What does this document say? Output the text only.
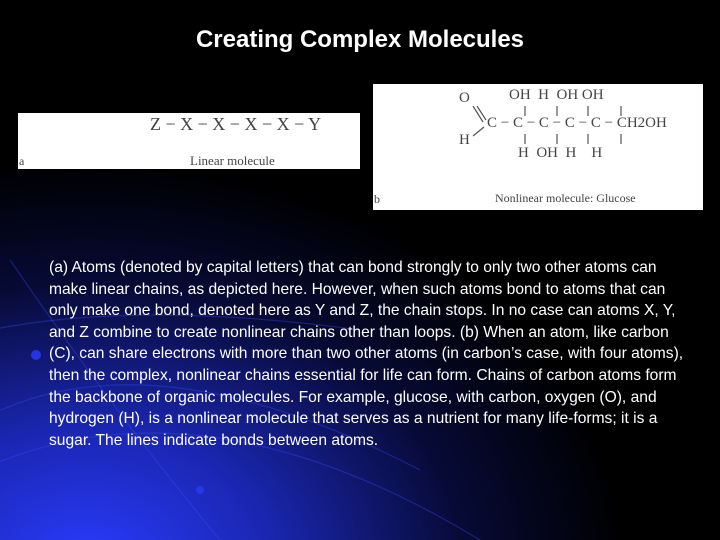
Creating Complex Molecules
Z − X − X − X − X − Y
a	Linear molecule
OH  H  OH OH
O
H
C − C − C − C − C − CH2OH
H  OH  H    H
b	Nonlinear molecule: Glucose
(a) Atoms (denoted by capital letters) that can bond strongly to only two other atoms can make linear chains, as depicted here. However, when such atoms bond to atoms that can only make one bond, denoted here as Y and Z, the chain stops. In no case can atoms X, Y, and Z combine to create nonlinear chains other than loops. (b) When an atom, like carbon (C), can share electrons with more than two other atoms (in carbon’s case, with four atoms), then the complex, nonlinear chains essential for life can form. Chains of carbon atoms form the backbone of organic molecules. For example, glucose, with carbon, oxygen (O), and hydrogen (H), is a nonlinear molecule that serves as a nutrient for many life-forms; it is a sugar. The lines indicate bonds between atoms.
